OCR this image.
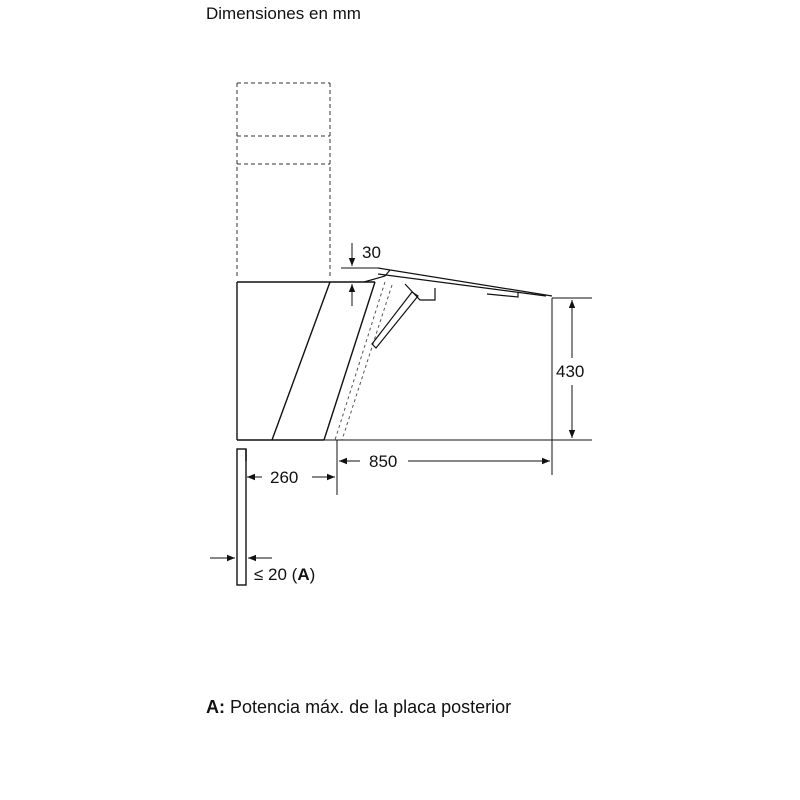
Dimensiones en mm
30
430
850
260
≤ 20 (A)
A: Potencia máx. de la placa posterior
